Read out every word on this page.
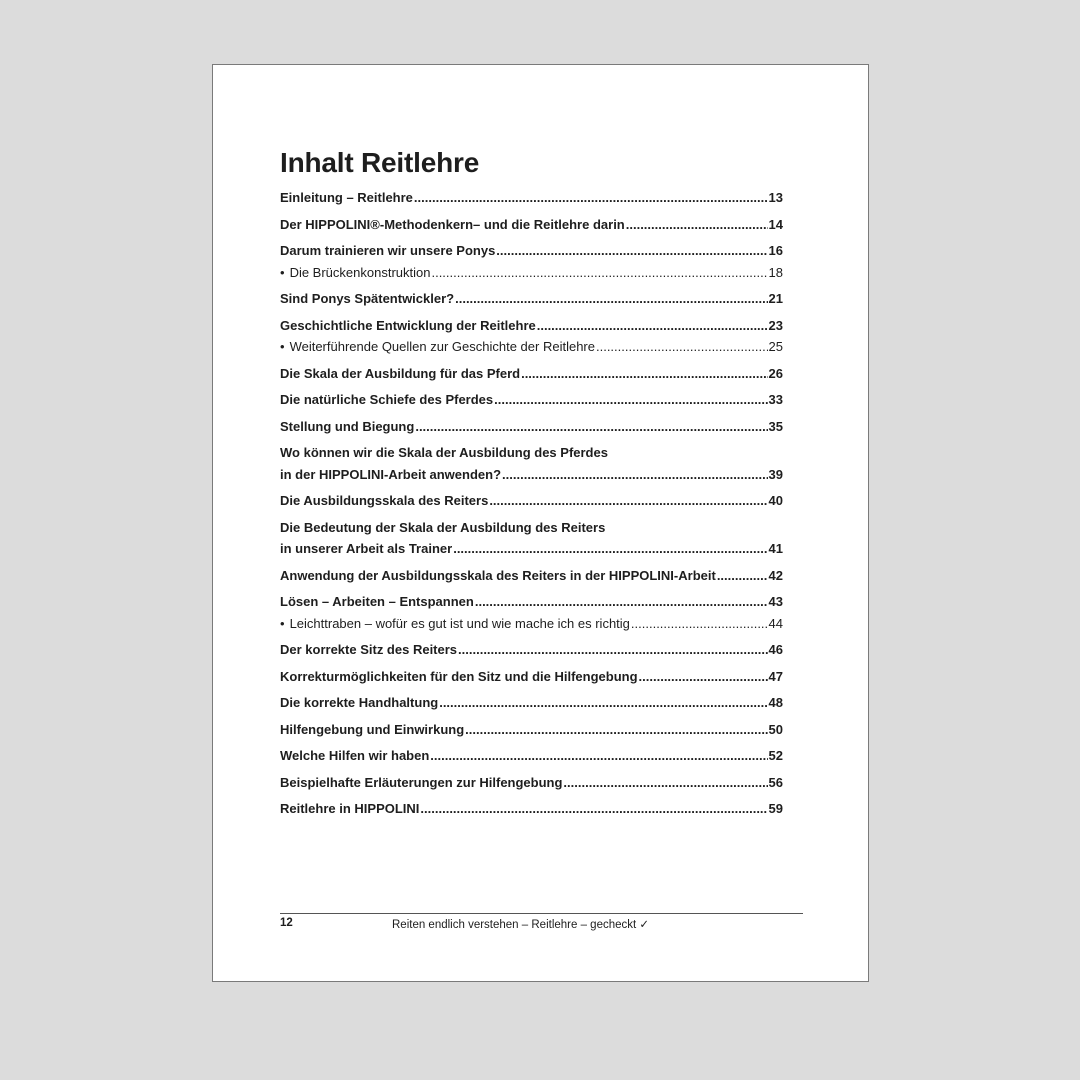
Inhalt Reitlehre
Einleitung – Reitlehre .....	13
Der HIPPOLINI®-Methodenkern– und die Reitlehre darin .....	14
Darum trainieren wir unsere Ponys .....	16
• Die Brückenkonstruktion .....	18
Sind Ponys Spätentwickler? .....	21
Geschichtliche Entwicklung der Reitlehre .....	23
• Weiterführende Quellen zur Geschichte der Reitlehre .....	25
Die Skala der Ausbildung für das Pferd .....	26
Die natürliche Schiefe des Pferdes .....	33
Stellung und Biegung .....	35
Wo können wir die Skala der Ausbildung des Pferdes
in der HIPPOLINI-Arbeit anwenden? .....	39
Die Ausbildungsskala des Reiters .....	40
Die Bedeutung der Skala der Ausbildung des Reiters
in unserer Arbeit als Trainer .....	41
Anwendung der Ausbildungsskala des Reiters in der HIPPOLINI-Arbeit .....	42
Lösen – Arbeiten – Entspannen .....	43
• Leichttraben – wofür es gut ist und wie mache ich es richtig .....	44
Der korrekte Sitz des Reiters .....	46
Korrekturmöglichkeiten für den Sitz und die Hilfengebung .....	47
Die korrekte Handhaltung .....	48
Hilfengebung und Einwirkung .....	50
Welche Hilfen wir haben .....	52
Beispielhafte Erläuterungen zur Hilfengebung .....	56
Reitlehre in HIPPOLINI .....	59
12	Reiten endlich verstehen – Reitlehre – gecheckt ✓
